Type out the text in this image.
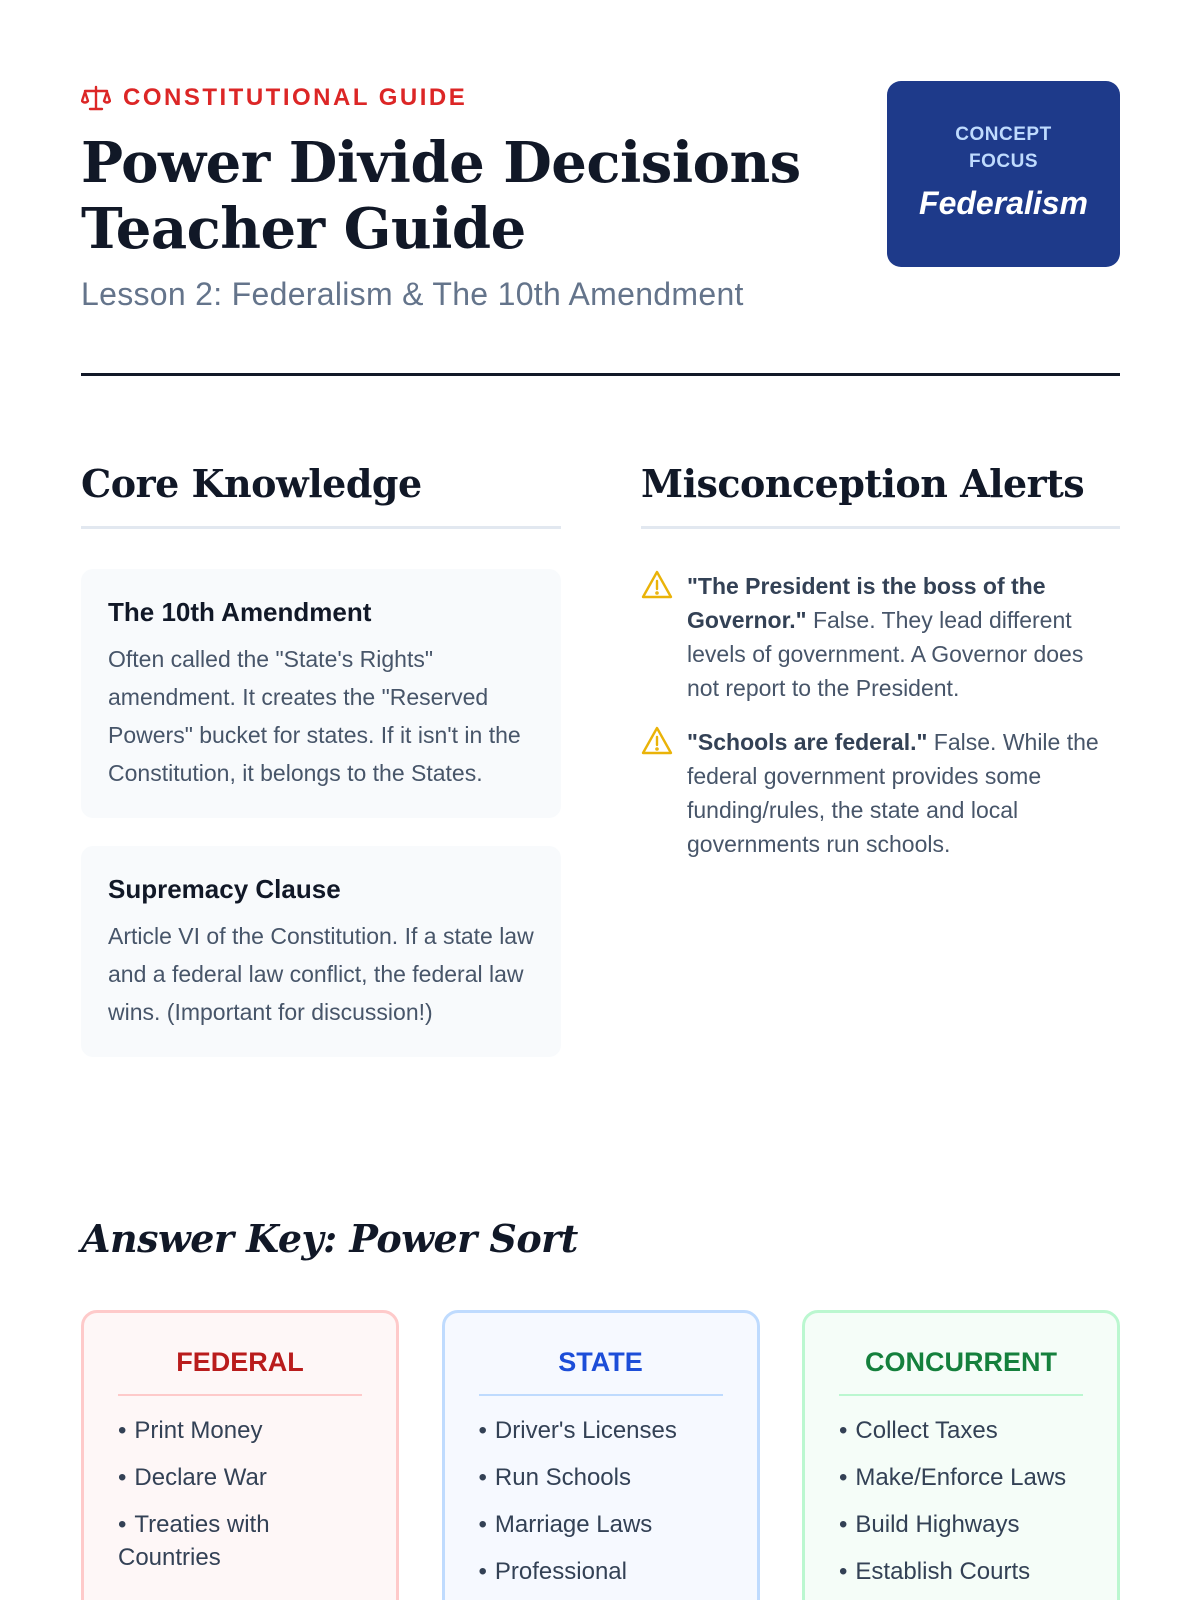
CONSTITUTIONAL GUIDE
Power Divide Decisions Teacher Guide
Lesson 2: Federalism & The 10th Amendment
CONCEPT FOCUS
Federalism
Core Knowledge

The 10th Amendment

Often called the "State's Rights" amendment. It creates the "Reserved Powers" bucket for states. If it isn't in the Constitution, it belongs to the States.

Supremacy Clause

Article VI of the Constitution. If a state law and a federal law conflict, the federal law wins. (Important for discussion!)

Misconception Alerts

"The President is the boss of the Governor." False. They lead different levels of government. A Governor does not report to the President.

"Schools are federal." False. While the federal government provides some funding/rules, the state and local governments run schools.

Answer Key: Power Sort
FEDERAL
• Print Money
• Declare War
• Treaties with Countries
STATE
• Driver's Licenses
• Run Schools
• Marriage Laws
• Professional
CONCURRENT
• Collect Taxes
• Make/Enforce Laws
• Build Highways
• Establish Courts
